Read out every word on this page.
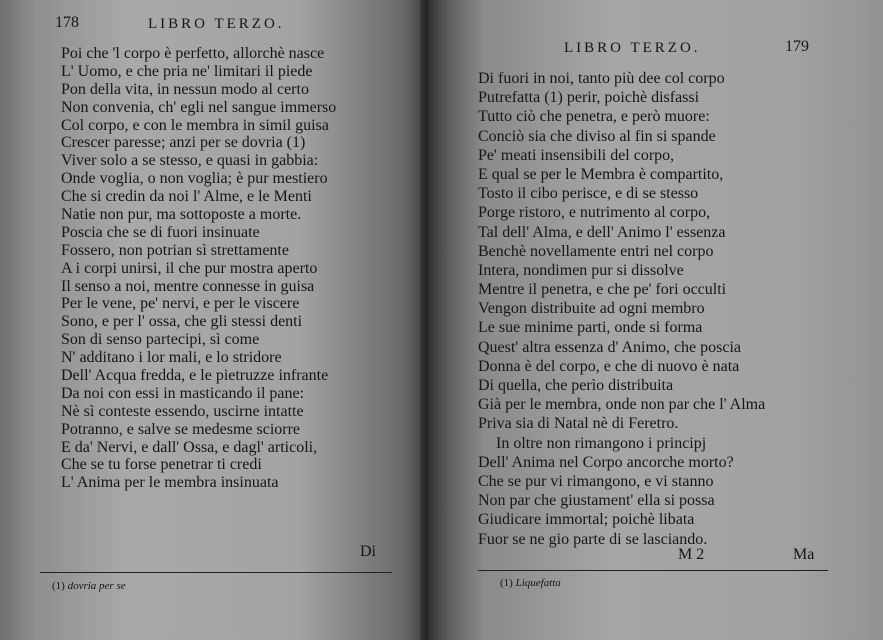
178	LIBRO TERZO.
Poi che 'l corpo è perfetto, allorchè nasce
L' Uomo, e che pria ne' limitari il piede
Pon della vita, in nessun modo al certo
Non convenia, ch' egli nel sangue immerso
Col corpo, e con le membra in simil guisa
Crescer paresse; anzi per se dovria (1)
Viver solo a se stesso, e quasi in gabbia:
Onde voglia, o non voglia; è pur mestiero
Che si credin da noi l' Alme, e le Menti
Natie non pur, ma sottoposte a morte.
Poscia che se di fuori insinuate
Fossero, non potrian sì strettamente
A i corpi unirsi, il che pur mostra aperto
Il senso a noi, mentre connesse in guisa
Per le vene, pe' nervi, e per le viscere
Sono, e per l' ossa, che gli stessi denti
Son di senso partecipi, sì come
N' additano i lor mali, e lo stridore
Dell' Acqua fredda, e le pietruzze infrante
Da noi con essi in masticando il pane:
Nè sì conteste essendo, uscirne intatte
Potranno, e salve se medesme sciorre
E da' Nervi, e dall' Ossa, e dagl' articoli,
Che se tu forse penetrar ti credi
L' Anima per le membra insinuata
Di
(1) dovria per se
LIBRO TERZO.	179
Di fuori in noi, tanto più dee col corpo
Putrefatta (1) perir, poichè disfassi
Tutto ciò che penetra, e però muore:
Conciò sia che diviso al fin si spande
Pe' meati insensibili del corpo,
E qual se per le Membra è compartito,
Tosto il cibo perisce, e di se stesso
Porge ristoro, e nutrimento al corpo,
Tal dell' Alma, e dell' Animo l' essenza
Benchè novellamente entri nel corpo
Intera, nondimen pur si dissolve
Mentre il penetra, e che pe' fori occulti
Vengon distribuite ad ogni membro
Le sue minime parti, onde si forma
Quest' altra essenza d' Animo, che poscia
Donna è del corpo, e che di nuovo è nata
Di quella, che perìo distribuita
Già per le membra, onde non par che l' Alma
Priva sia di Natal nè di Feretro.
In oltre non rimangono i principj
Dell' Anima nel Corpo ancorche morto?
Che se pur vi rimangono, e vi stanno
Non par che giustament' ella si possa
Giudicare immortal; poichè libata
Fuor se ne gio parte di se lasciando.
M 2	Ma
(1) Liquefatta
